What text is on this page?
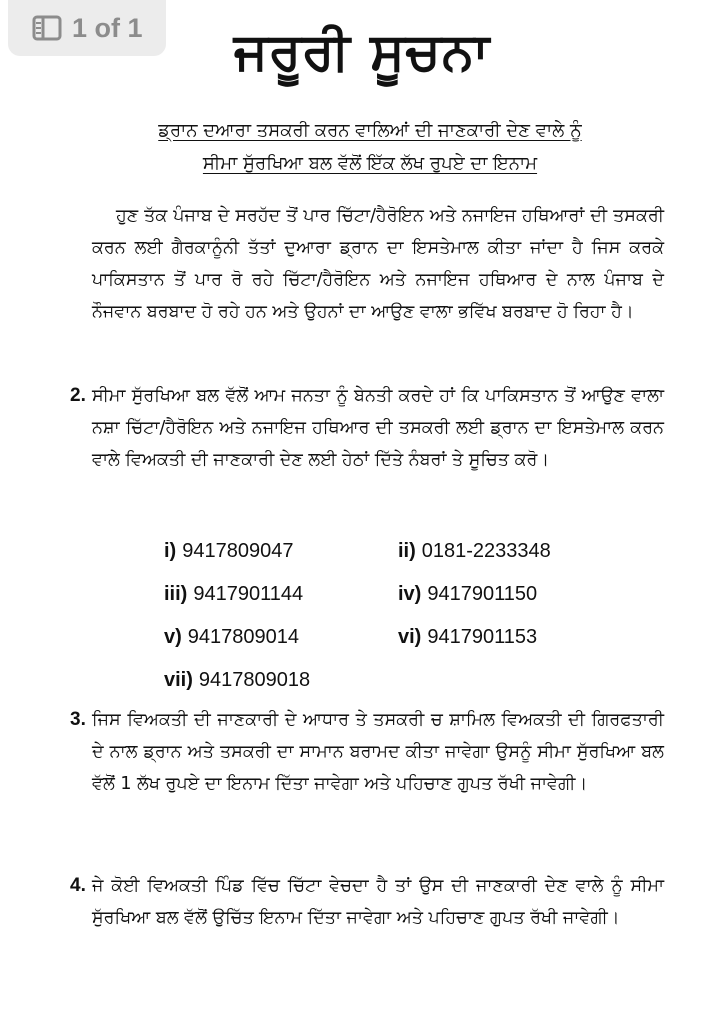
1 of 1	ਜਰੂਰੀ ਸੂਚਨਾ
ਡ੍ਰਾਨ ਦਆਰਾ ਤਸਕਰੀ ਕਰਨ ਵਾਲਿਆਂ ਦੀ ਜਾਣਕਾਰੀ ਦੇਣ ਵਾਲੇ ਨੂੰ
ਸੀਮਾ ਸੁੱਰਖਿਆ ਬਲ ਵੱਲੋਂ ਇੱਕ ਲੱਖ ਰੁਪਏ ਦਾ ਇਨਾਮ
ਹੁਣ ਤੱਕ ਪੰਜਾਬ ਦੇ ਸਰਹੱਦ ਤੋਂ ਪਾਰ ਚਿੱਟਾ/ਹੈਰੋਇਨ ਅਤੇ ਨਜਾਇਜ ਹਥਿਆਰਾਂ ਦੀ ਤਸਕਰੀ ਕਰਨ ਲਈ ਗੈਰਕਾਨੂੰਨੀ ਤੱਤਾਂ ਦੁਆਰਾ ਡ੍ਰਾਨ ਦਾ ਇਸਤੇਮਾਲ ਕੀਤਾ ਜਾਂਦਾ ਹੈ ਜਿਸ ਕਰਕੇ ਪਾਕਿਸਤਾਨ ਤੋਂ ਪਾਰ ਰੋ ਰਹੇ ਚਿੱਟਾ/ਹੈਰੋਇਨ ਅਤੇ ਨਜਾਇਜ ਹਥਿਆਰ ਦੇ ਨਾਲ ਪੰਜਾਬ ਦੇ ਨੌਜਵਾਨ ਬਰਬਾਦ ਹੋ ਰਹੇ ਹਨ ਅਤੇ ਉਹਨਾਂ ਦਾ ਆਉਣ ਵਾਲਾ ਭਵਿੱਖ ਬਰਬਾਦ ਹੋ ਰਿਹਾ ਹੈ।
2. ਸੀਮਾ ਸੁੱਰਖਿਆ ਬਲ ਵੱਲੋਂ ਆਮ ਜਨਤਾ ਨੂੰ ਬੇਨਤੀ ਕਰਦੇ ਹਾਂ ਕਿ ਪਾਕਿਸਤਾਨ ਤੋਂ ਆਉਣ ਵਾਲਾ ਨਸ਼ਾ ਚਿੱਟਾ/ਹੈਰੋਇਨ ਅਤੇ ਨਜਾਇਜ ਹਥਿਆਰ ਦੀ ਤਸਕਰੀ ਲਈ ਡ੍ਰਾਨ ਦਾ ਇਸਤੇਮਾਲ ਕਰਨ ਵਾਲੇ ਵਿਅਕਤੀ ਦੀ ਜਾਣਕਾਰੀ ਦੇਣ ਲਈ ਹੇਠਾਂ ਦਿੱਤੇ ਨੰਬਰਾਂ ਤੇ ਸੂਚਿਤ ਕਰੋ।
i) 9417809047	ii) 0181-2233348
iii) 9417901144	iv) 9417901150
v) 9417809014	vi) 9417901153
vii) 9417809018
3. ਜਿਸ ਵਿਅਕਤੀ ਦੀ ਜਾਣਕਾਰੀ ਦੇ ਆਧਾਰ ਤੇ ਤਸਕਰੀ ਚ ਸ਼ਾਮਿਲ ਵਿਅਕਤੀ ਦੀ ਗਿਰਫਤਾਰੀ ਦੇ ਨਾਲ ਡ੍ਰਾਨ ਅਤੇ ਤਸਕਰੀ ਦਾ ਸਾਮਾਨ ਬਰਾਮਦ ਕੀਤਾ ਜਾਵੇਗਾ ਉਸਨੂੰ ਸੀਮਾ ਸੁੱਰਖਿਆ ਬਲ ਵੱਲੋਂ 1 ਲੱਖ ਰੁਪਏ ਦਾ ਇਨਾਮ ਦਿੱਤਾ ਜਾਵੇਗਾ ਅਤੇ ਪਹਿਚਾਣ ਗੁਪਤ ਰੱਖੀ ਜਾਵੇਗੀ।
4. ਜੇ ਕੋਈ ਵਿਅਕਤੀ ਪਿੰਡ ਵਿੱਚ ਚਿੱਟਾ ਵੇਚਦਾ ਹੈ ਤਾਂ ਉਸ ਦੀ ਜਾਣਕਾਰੀ ਦੇਣ ਵਾਲੇ ਨੂੰ ਸੀਮਾ ਸੁੱਰਖਿਆ ਬਲ ਵੱਲੋਂ ਉਚਿੱਤ ਇਨਾਮ ਦਿੱਤਾ ਜਾਵੇਗਾ ਅਤੇ ਪਹਿਚਾਣ ਗੁਪਤ ਰੱਖੀ ਜਾਵੇਗੀ।
